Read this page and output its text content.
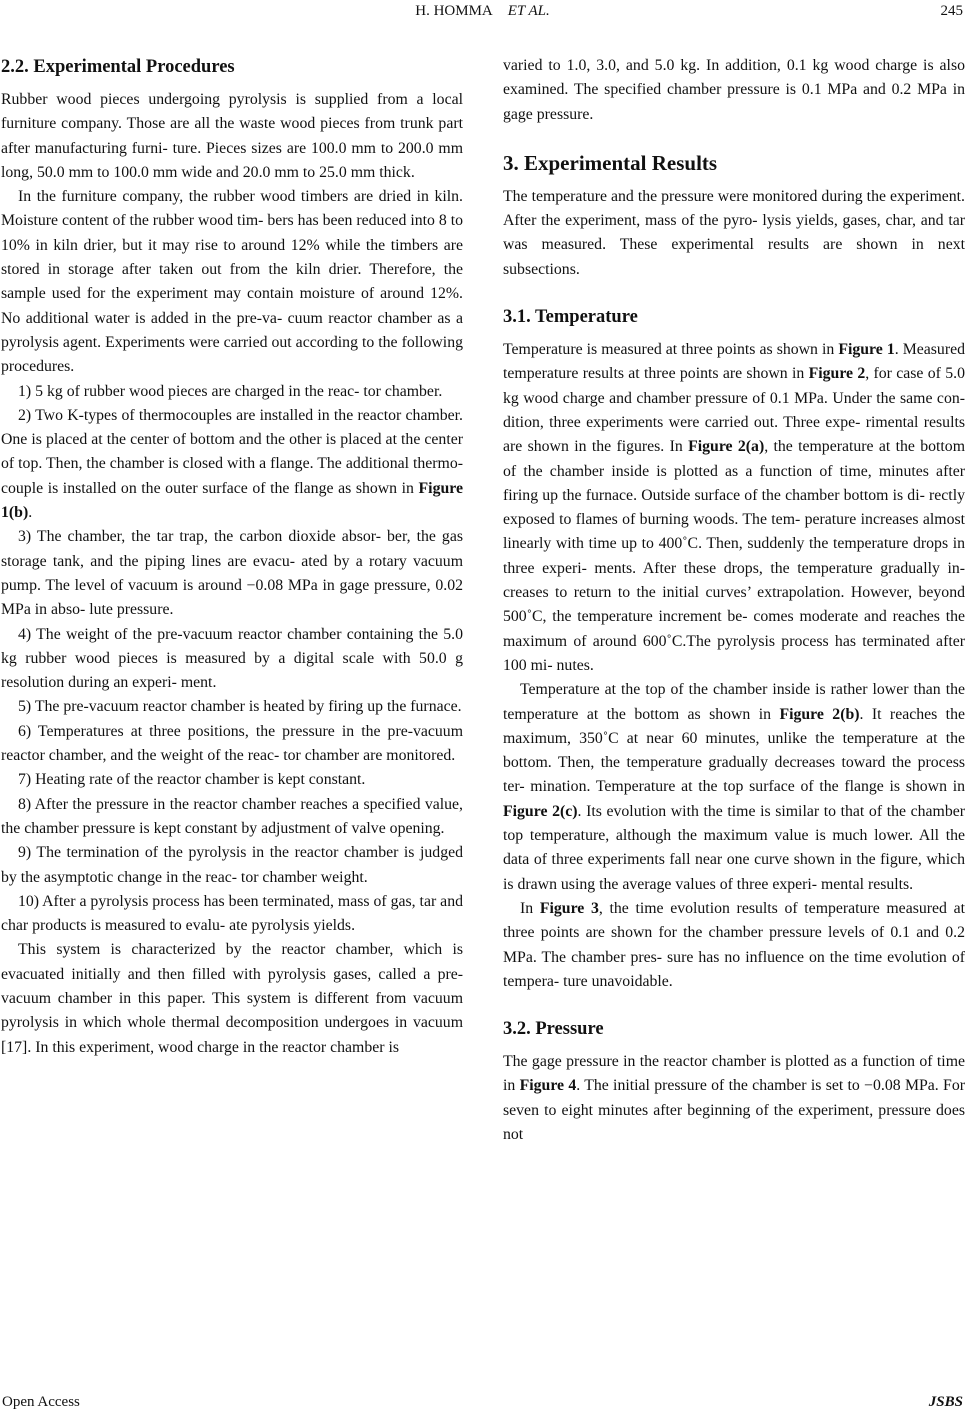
H. HOMMA ET AL.	245
2.2. Experimental Procedures

Rubber wood pieces undergoing pyrolysis is supplied from a local furniture company. Those are all the waste wood pieces from trunk part after manufacturing furni- ture. Pieces sizes are 100.0 mm to 200.0 mm long, 50.0 mm to 100.0 mm wide and 20.0 mm to 25.0 mm thick.

In the furniture company, the rubber wood timbers are dried in kiln. Moisture content of the rubber wood tim- bers has been reduced into 8 to 10% in kiln drier, but it may rise to around 12% while the timbers are stored in storage after taken out from the kiln drier. Therefore, the sample used for the experiment may contain moisture of around 12%. No additional water is added in the pre-va- cuum reactor chamber as a pyrolysis agent. Experiments were carried out according to the following procedures.

1) 5 kg of rubber wood pieces are charged in the reac- tor chamber.

2) Two K-types of thermocouples are installed in the reactor chamber. One is placed at the center of bottom and the other is placed at the center of top. Then, the chamber is closed with a flange. The additional thermo- couple is installed on the outer surface of the flange as shown in Figure 1(b).

3) The chamber, the tar trap, the carbon dioxide absor- ber, the gas storage tank, and the piping lines are evacu- ated by a rotary vacuum pump. The level of vacuum is around −0.08 MPa in gage pressure, 0.02 MPa in abso- lute pressure.

4) The weight of the pre-vacuum reactor chamber containing the 5.0 kg rubber wood pieces is measured by a digital scale with 50.0 g resolution during an experi- ment.

5) The pre-vacuum reactor chamber is heated by firing up the furnace.

6) Temperatures at three positions, the pressure in the pre-vacuum reactor chamber, and the weight of the reac- tor chamber are monitored.

7) Heating rate of the reactor chamber is kept constant.

8) After the pressure in the reactor chamber reaches a specified value, the chamber pressure is kept constant by adjustment of valve opening.

9) The termination of the pyrolysis in the reactor chamber is judged by the asymptotic change in the reac- tor chamber weight.

10) After a pyrolysis process has been terminated, mass of gas, tar and char products is measured to evalu- ate pyrolysis yields.

This system is characterized by the reactor chamber, which is evacuated initially and then filled with pyrolysis gases, called a pre-vacuum chamber in this paper. This system is different from vacuum pyrolysis in which whole thermal decomposition undergoes in vacuum [17]. In this experiment, wood charge in the reactor chamber is

varied to 1.0, 3.0, and 5.0 kg. In addition, 0.1 kg wood charge is also examined. The specified chamber pressure is 0.1 MPa and 0.2 MPa in gage pressure.

3. Experimental Results

The temperature and the pressure were monitored during the experiment. After the experiment, mass of the pyro- lysis yields, gases, char, and tar was measured. These experimental results are shown in next subsections.

3.1. Temperature

Temperature is measured at three points as shown in Figure 1. Measured temperature results at three points are shown in Figure 2, for case of 5.0 kg wood charge and chamber pressure of 0.1 MPa. Under the same con- dition, three experiments were carried out. Three expe- rimental results are shown in the figures. In Figure 2(a), the temperature at the bottom of the chamber inside is plotted as a function of time, minutes after firing up the furnace. Outside surface of the chamber bottom is di- rectly exposed to flames of burning woods. The tem- perature increases almost linearly with time up to 400˚C. Then, suddenly the temperature drops in three experi- ments. After these drops, the temperature gradually in- creases to return to the initial curves’ extrapolation. However, beyond 500˚C, the temperature increment be- comes moderate and reaches the maximum of around 600˚C.The pyrolysis process has terminated after 100 mi- nutes.

Temperature at the top of the chamber inside is rather lower than the temperature at the bottom as shown in Figure 2(b). It reaches the maximum, 350˚C at near 60 minutes, unlike the temperature at the bottom. Then, the temperature gradually decreases toward the process ter- mination. Temperature at the top surface of the flange is shown in Figure 2(c). Its evolution with the time is similar to that of the chamber top temperature, although the maximum value is much lower. All the data of three experiments fall near one curve shown in the figure, which is drawn using the average values of three experi- mental results.

In Figure 3, the time evolution results of temperature measured at three points are shown for the chamber pressure levels of 0.1 and 0.2 MPa. The chamber pres- sure has no influence on the time evolution of tempera- ture unavoidable.

3.2. Pressure

The gage pressure in the reactor chamber is plotted as a function of time in Figure 4. The initial pressure of the chamber is set to −0.08 MPa. For seven to eight minutes after beginning of the experiment, pressure does not

Open Access	JSBS
